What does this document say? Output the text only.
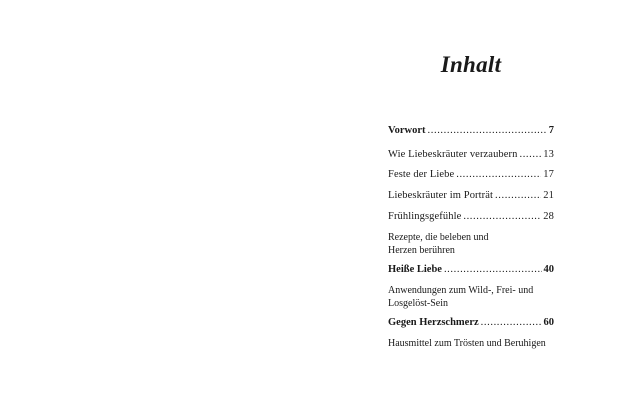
Inhalt
Vorwort .....	7
Wie Liebeskräuter verzaubern ..... 13
Feste der Liebe .....	17
Liebeskräuter im Porträt .....	21
Frühlingsgefühle .....	28
Rezepte, die beleben und
Herzen berühren
Heiße Liebe .....	40
Anwendungen zum Wild-, Frei- und
Losgelöst-Sein
Gegen Herzschmerz .....	60
Hausmittel zum Trösten und Beruhigen
